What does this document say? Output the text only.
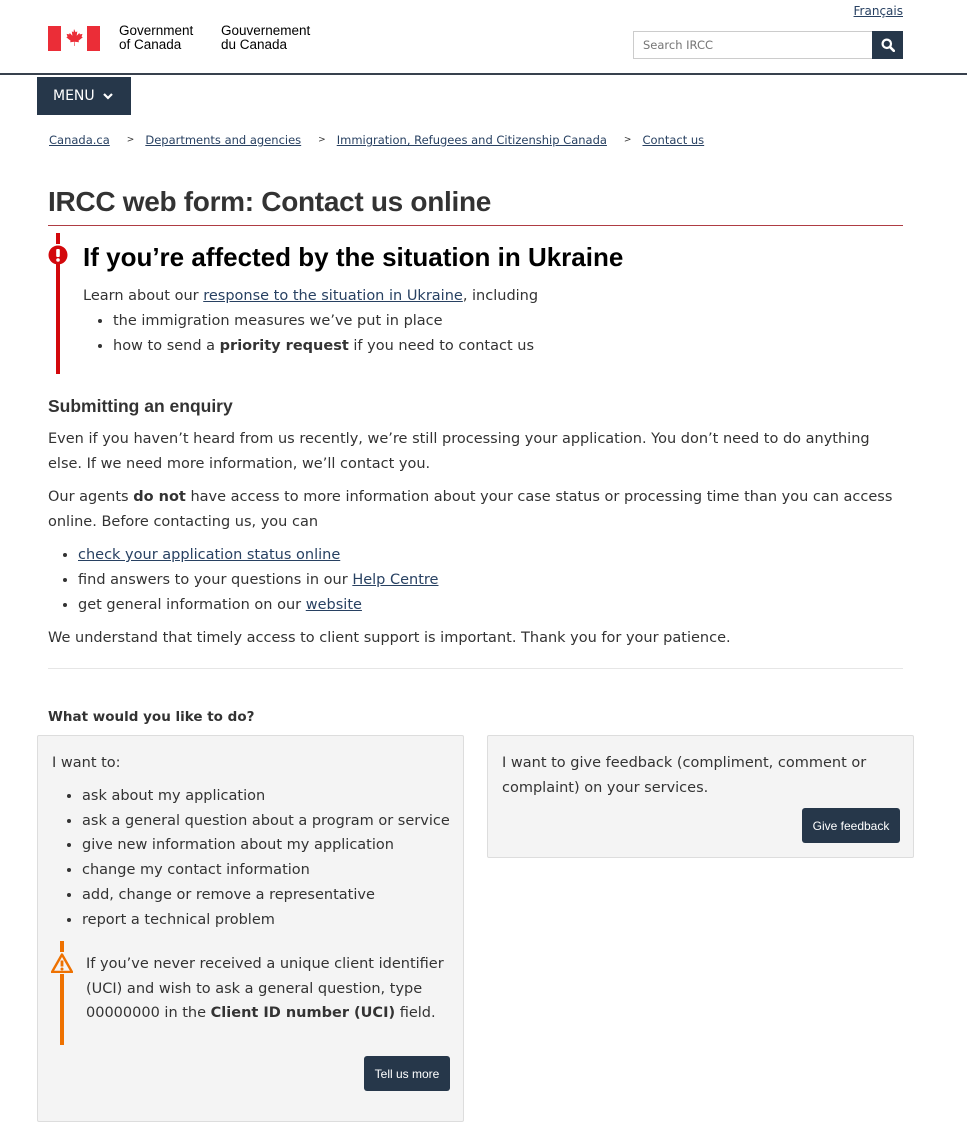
Government
of Canada
Gouvernement
du Canada
Français
Search IRCC
MENU
Canada.ca > Departments and agencies > Immigration, Refugees and Citizenship Canada > Contact us
IRCC web form: Contact us online
If you’re affected by the situation in Ukraine
Learn about our response to the situation in Ukraine, including
• the immigration measures we’ve put in place
• how to send a priority request if you need to contact us
Submitting an enquiry

Even if you haven’t heard from us recently, we’re still processing your application. You don’t need to do anything else. If we need more information, we’ll contact you.

Our agents do not have access to more information about your case status or processing time than you can access online. Before contacting us, you can

• check your application status online
• find answers to your questions in our Help Centre
• get general information on our website

We understand that timely access to client support is important. Thank you for your patience.

What would you like to do?

I want to:

• ask about my application
• ask a general question about a program or service
• give new information about my application
• change my contact information
• add, change or remove a representative
• report a technical problem

If you’ve never received a unique client identifier (UCI) and wish to ask a general question, type 00000000 in the Client ID number (UCI) field.

Tell us more

I want to give feedback (compliment, comment or complaint) on your services.

Give feedback
